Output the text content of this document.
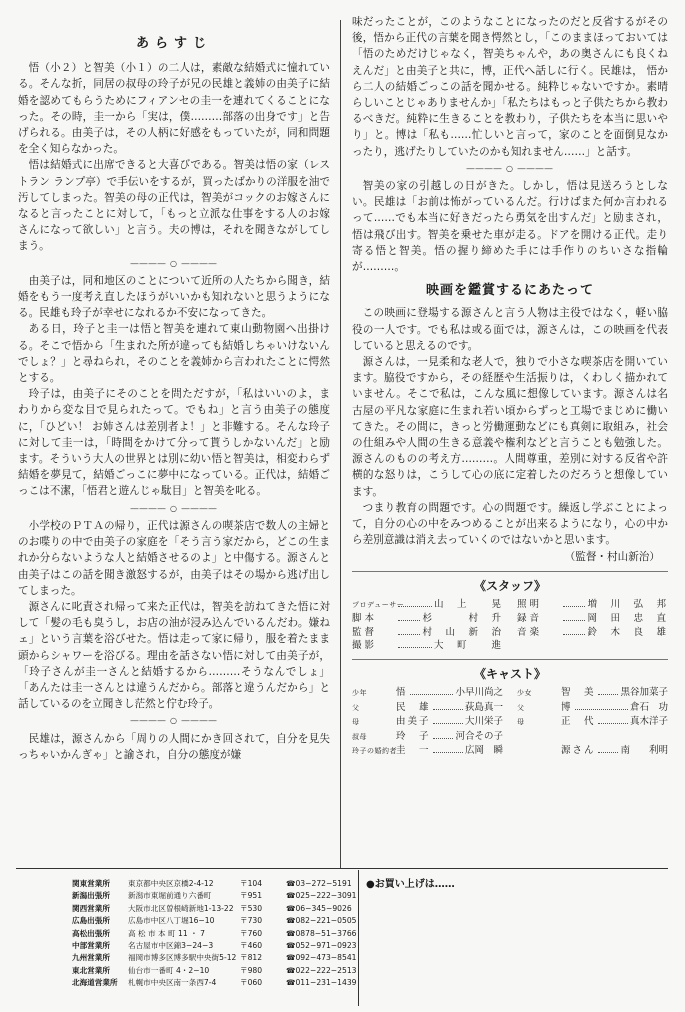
あらすじ

悟（小２）と智美（小１）の二人は，素敵な結婚式に憧れている。そんな折，同居の叔母の玲子が兄の民雄と義姉の由美子に結婚を認めてもらうためにフィアンセの圭一を連れてくることになった。その時，圭一から「実は，僕………部落の出身です」と告げられる。由美子は，その人柄に好感をもっていたが，同和問題を全く知らなかった。

悟は結婚式に出席できると大喜びである。智美は悟の家（レストラン ランプ亭）で手伝いをするが，買ったばかりの洋服を油で汚してしまった。智美の母の正代は，智美がコックのお嫁さんになると言ったことに対して，「もっと立派な仕事をする人のお嫁さんになって欲しい」と言う。夫の博は，それを聞きながしてしまう。

―――― ○ ――――

由美子は，同和地区のことについて近所の人たちから聞き，結婚をもう一度考え直したほうがいいかも知れないと思うようになる。民雄も玲子が幸せになれるか不安になってきた。

ある日，玲子と圭一は悟と智美を連れて東山動物園へ出掛ける。そこで悟から「生まれた所が違っても結婚しちゃいけないんでしょ？」と尋ねられ，そのことを義姉から言われたことに愕然とする。

玲子は，由美子にそのことを問ただすが，「私はいいのよ，まわりから変な目で見られたって。でもね」と言う由美子の態度に，「ひどい！ お姉さんは差別者よ！」と非難する。そんな玲子に対して圭一は，「時間をかけて分って貰うしかないんだ」と励ます。そういう大人の世界とは別に幼い悟と智美は，相変わらず結婚を夢見て，結婚ごっこに夢中になっている。正代は，結婚ごっこは不潔，「悟君と遊んじゃ駄目」と智美を叱る。

―――― ○ ――――

小学校のＰＴＡの帰り，正代は源さんの喫茶店で数人の主婦とのお喋りの中で由美子の家庭を「そう言う家だから，どこの生まれか分らないような人と結婚させるのよ」と中傷する。源さんと由美子はこの話を聞き激怒するが，由美子はその場から逃げ出してしまった。

源さんに叱責され帰って来た正代は，智美を訪ねてきた悟に対して「髪の毛も臭うし，お店の油が浸み込んでいるんだわ。嫌ねェ」という言葉を浴びせた。悟は走って家に帰り，服を着たまま頭からシャワーを浴びる。理由を話さない悟に対して由美子が，「玲子さんが圭一さんと結婚するから………そうなんでしょ」「あんたは圭一さんとは違うんだから。部落と違うんだから」と話しているのを立聞きし茫然と佇む玲子。

―――― ○ ――――

民雄は，源さんから「周りの人間にかき回されて，自分を見失っちゃいかんぎゃ」と諭され，自分の態度が嫌

味だったことが，このようなことになったのだと反省するがその後，悟から正代の言葉を聞き愕然とし，「このままほっておいては「悟のためだけじゃなく，智美ちゃんや，あの奥さんにも良くねえんだ」と由美子と共に，博，正代へ話しに行く。民雄は， 悟から二人の結婚ごっこの話を聞かせる。純粋じゃないですか。素晴らしいことじゃありませんか」「私たちはもっと子供たちから教わるべきだ。純粋に生きることを教わり，子供たちを本当に思いやり」と。博は「私も……忙しいと言って，家のことを面倒見なかったり，逃げたりしていたのかも知れません……」と話す。

―――― ○ ――――

智美の家の引越しの日がきた。しかし，悟は見送ろうとしない。民雄は「お前は怖がっているんだ。行けばまた何か言われるって……でも本当に好きだったら勇気を出すんだ」と励まされ，悟は飛び出す。智美を乗せた車が走る。ドアを開ける正代。走り寄る悟と智美。悟の握り締めた手には手作りのちいさな指輪が………。

映画を鑑賞するにあたって

この映画に登場する源さんと言う人物は主役ではなく，軽い脇役の一人です。でも私は或る面では，源さんは，この映画を代表していると思えるのです。

源さんは，一見柔和な老人で，独りで小さな喫茶店を開いています。脇役ですから，その経歴や生活振りは，くわしく描かれていません。そこで私は，こんな風に想像しています。源さんは名古屋の平凡な家庭に生まれ若い頃からずっと工場でまじめに働いてきた。その間に，きっと労働運動などにも真剣に取組み，社会の仕組みや人間の生きる意義や権利などと言うことも勉強した。源さんのものの考え方………。人間尊重，差別に対する反省や許横的な怒りは，こうして心の底に定着したのだろうと想像しています。

つまり教育の問題です。心の問題です。繰返し学ぶことによって，自分の心の中をみつめることが出来るようになり，心の中から差別意識は消え去っていくのではないかと思います。

（監督・村山新治）
《スタッフ》
プロデューサー	山　上　　晃 照明	増　川　弘　邦
脚本	杉　　　村　升 録音	岡　田　忠　直
監督	村　山　新　治 音楽	鈴　木　良　雄
撮影	大　町　　進
《キャスト》
少年	悟	小早川尚之 少女	智　美	黒谷加菜子
父	民　雄	荻島真一 父	博	倉石　功
母	由美子	大川栄子 母	正　代	真木洋子
叔母	玲　子	河合その子
玲子の婚約者 圭　一	広岡　瞬	源さん	南　　利明
関東営業所	東京都中央区京橋2-4-12	〒104	☎03−272−5191
新潟出張所	新潟市東堀前通り六番町	〒951	☎025−222−3091
関西営業所	大阪市北区曽根崎新地1-13-22 〒530	☎06−345−9026
広島出張所	広島市中区八丁堀16−10	〒730	☎082−221−0505
高松出張所	高 松 市 本 町 11 ・ 7	〒760	☎0878−51−3766
中部営業所	名古屋市中区錦3−24−3	〒460	☎052−971−0923
九州営業所	福岡市博多区博多駅中央街5-12 〒812	☎092−473−8541
東北営業所	仙台市一番町 4・2−10	〒980	☎022−222−2513
北海道営業所	札幌市中央区南一条西7-4	〒060	☎011−231−1439
●お買い上げは……
